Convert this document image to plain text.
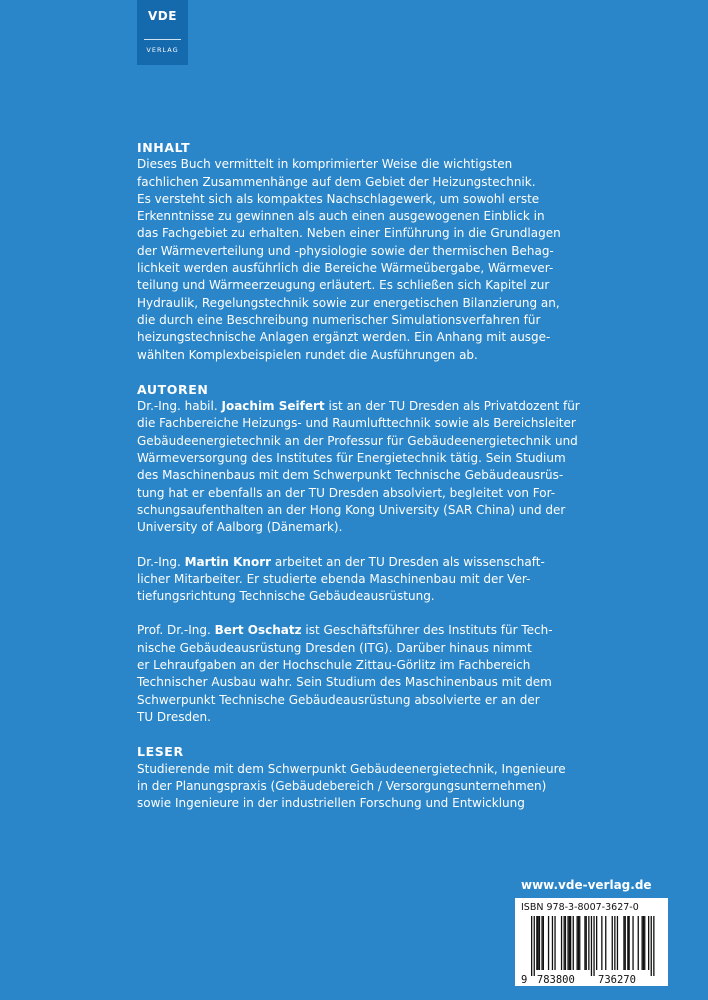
VDE
VERLAG
INHALT
Dieses Buch vermittelt in komprimierter Weise die wichtigsten
fachlichen Zusammenhänge auf dem Gebiet der Heizungstechnik.
Es versteht sich als kompaktes Nachschlagewerk, um sowohl erste
Erkenntnisse zu gewinnen als auch einen ausgewogenen Einblick in
das Fachgebiet zu erhalten. Neben einer Einführung in die Grundlagen
der Wärmeverteilung und -physiologie sowie der thermischen Behag-
lichkeit werden ausführlich die Bereiche Wärmeübergabe, Wärmever-
teilung und Wärmeerzeugung erläutert. Es schließen sich Kapitel zur
Hydraulik, Regelungstechnik sowie zur energetischen Bilanzierung an,
die durch eine Beschreibung numerischer Simulationsverfahren für
heizungstechnische Anlagen ergänzt werden. Ein Anhang mit ausge-
wählten Komplexbeispielen rundet die Ausführungen ab.
AUTOREN
Dr.-Ing. habil. Joachim Seifert ist an der TU Dresden als Privatdozent für
die Fachbereiche Heizungs- und Raumlufttechnik sowie als Bereichsleiter
Gebäudeenergietechnik an der Professur für Gebäudeenergietechnik und
Wärmeversorgung des Institutes für Energietechnik tätig. Sein Studium
des Maschinenbaus mit dem Schwerpunkt Technische Gebäudeausrüs-
tung hat er ebenfalls an der TU Dresden absolviert, begleitet von For-
schungsaufenthalten an der Hong Kong University (SAR China) und der
University of Aalborg (Dänemark).
Dr.-Ing. Martin Knorr arbeitet an der TU Dresden als wissenschaft-
licher Mitarbeiter. Er studierte ebenda Maschinenbau mit der Ver-
tiefungsrichtung Technische Gebäudeausrüstung.
Prof. Dr.-Ing. Bert Oschatz ist Geschäftsführer des Instituts für Tech-
nische Gebäudeausrüstung Dresden (ITG). Darüber hinaus nimmt
er Lehraufgaben an der Hochschule Zittau-Görlitz im Fachbereich
Technischer Ausbau wahr. Sein Studium des Maschinenbaus mit dem
Schwerpunkt Technische Gebäudeausrüstung absolvierte er an der
TU Dresden.
LESER
Studierende mit dem Schwerpunkt Gebäudeenergietechnik, Ingenieure
in der Planungspraxis (Gebäudebereich / Versorgungsunternehmen)
sowie Ingenieure in der industriellen Forschung und Entwicklung
www.vde-verlag.de
ISBN 978-3-8007-3627-0
9 783800 736270
